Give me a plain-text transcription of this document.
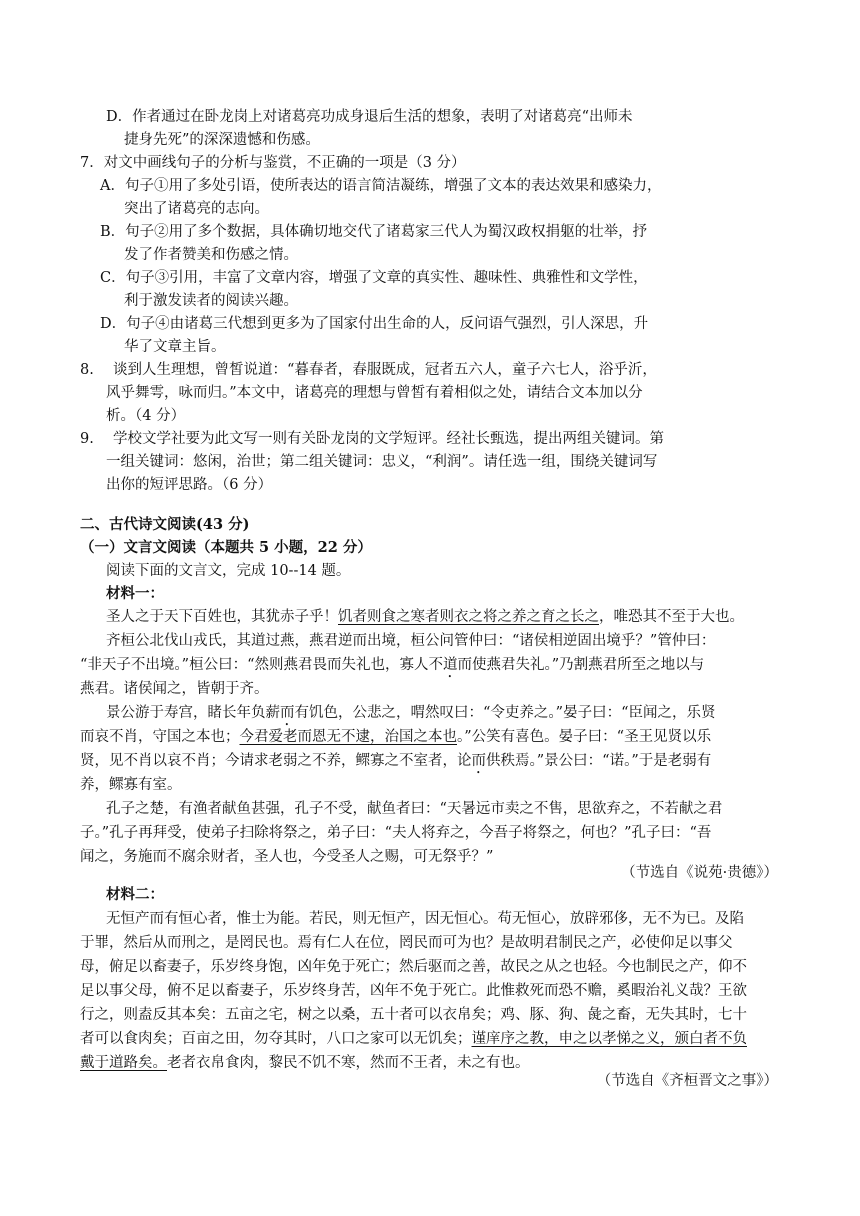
D．作者通过在卧龙岗上对诸葛亮功成身退后生活的想象，表明了对诸葛亮“出师未
捷身先死”的深深遗憾和伤感。
7．对文中画线句子的分析与鉴赏，不正确的一项是（3 分）
A．句子①用了多处引语，使所表达的语言简洁凝练，增强了文本的表达效果和感染力，
突出了诸葛亮的志向。
B．句子②用了多个数据，具体确切地交代了诸葛家三代人为蜀汉政权捐躯的壮举，抒
发了作者赞美和伤感之情。
C．句子③引用，丰富了文章内容，增强了文章的真实性、趣味性、典雅性和文学性，
利于激发读者的阅读兴趣。
D．句子④由诸葛三代想到更多为了国家付出生命的人，反问语气强烈，引人深思，升
华了文章主旨。
8.　 谈到人生理想，曾皙说道：“暮春者，春服既成，冠者五六人，童子六七人，浴乎沂，
风乎舞雩，咏而归。”本文中，诸葛亮的理想与曾皙有着相似之处，请结合文本加以分
析。（4 分）
9.　 学校文学社要为此文写一则有关卧龙岗的文学短评。经社长甄选，提出两组关键词。第
一组关键词：悠闲，治世；第二组关键词：忠义，“利润”。请任选一组，围绕关键词写
出你的短评思路。（6 分）
二、古代诗文阅读(43 分)
（一）文言文阅读（本题共 5 小题，22 分）
阅读下面的文言文，完成 10--14 题。
材料一：
圣人之于天下百姓也，其犹赤子乎！饥者则食之寒者则衣之将之养之育之长之，唯恐其不至于大也。
齐桓公北伐山戎氏，其道过燕，燕君逆而出境，桓公问管仲曰：“诸侯相逆固出境乎？”管仲曰：
“非天子不出境。”桓公曰：“然则燕君畏而失礼也，寡人不道而使燕君失礼。”乃割燕君所至之地以与
燕君。诸侯闻之，皆朝于齐。
景公游于寿宫，睹长年负薪而有饥色，公悲之，喟然叹曰：“令吏养之。”晏子曰：“臣闻之，乐贤
而哀不肖，守国之本也；今君爱老而恩无不逮，治国之本也。”公笑有喜色。晏子曰：“圣王见贤以乐
贤，见不肖以哀不肖；今请求老弱之不养，鳏寡之不室者，论而供秩焉。”景公曰：“诺。”于是老弱有
养，鳏寡有室。
孔子之楚，有渔者献鱼甚强，孔子不受，献鱼者曰：“天暑远市卖之不售，思欲弃之，不若献之君
子。”孔子再拜受，使弟子扫除将祭之，弟子曰：“夫人将弃之，今吾子将祭之，何也？”孔子曰：“吾
闻之，务施而不腐余财者，圣人也，今受圣人之赐，可无祭乎？”
（节选自《说苑·贵德》）
材料二：
无恒产而有恒心者，惟士为能。若民，则无恒产，因无恒心。苟无恒心，放辟邪侈，无不为已。及陷
于罪，然后从而刑之，是罔民也。焉有仁人在位，罔民而可为也？是故明君制民之产，必使仰足以事父
母，俯足以畜妻子，乐岁终身饱，凶年免于死亡；然后驱而之善，故民之从之也轻。今也制民之产，仰不
足以事父母，俯不足以畜妻子，乐岁终身苦，凶年不免于死亡。此惟救死而恐不赡，奚暇治礼义哉？王欲
行之，则盍反其本矣：五亩之宅，树之以桑，五十者可以衣帛矣；鸡、豚、狗、彘之畜，无失其时，七十
者可以食肉矣；百亩之田，勿夺其时，八口之家可以无饥矣；谨庠序之教，申之以孝悌之义，颁白者不负
戴于道路矣。老者衣帛食肉，黎民不饥不寒，然而不王者，未之有也。
（节选自《齐桓晋文之事》）
